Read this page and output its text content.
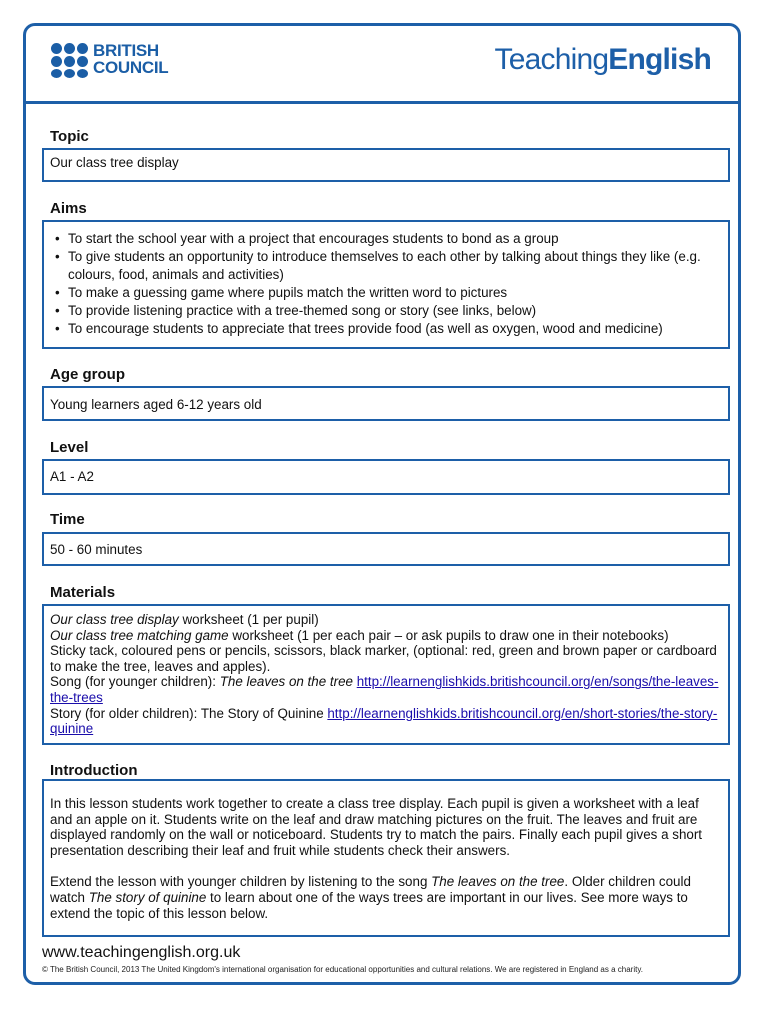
BRITISH
COUNCIL	TeachingEnglish
Topic
Our class tree display
Aims
• To start the school year with a project that encourages students to bond as a group
• To give students an opportunity to introduce themselves to each other by talking about things they like (e.g. colours, food, animals and activities)
• To make a guessing game where pupils match the written word to pictures
• To provide listening practice with a tree-themed song or story (see links, below)
• To encourage students to appreciate that trees provide food (as well as oxygen, wood and medicine)
Age group
Young learners aged 6-12 years old
Level
A1 - A2
Time
50 - 60 minutes
Materials

Our class tree display worksheet (1 per pupil)

Our class tree matching game worksheet (1 per each pair – or ask pupils to draw one in their notebooks)

Sticky tack, coloured pens or pencils, scissors, black marker, (optional: red, green and brown paper or cardboard to make the tree, leaves and apples).

Song (for younger children): The leaves on the tree http://learnenglishkids.britishcouncil.org/en/songs/the-leaves-the-trees

Story (for older children): The Story of Quinine http://learnenglishkids.britishcouncil.org/en/short-stories/the-story-quinine

Introduction

In this lesson students work together to create a class tree display. Each pupil is given a worksheet with a leaf and an apple on it. Students write on the leaf and draw matching pictures on the fruit. The leaves and fruit are displayed randomly on the wall or noticeboard. Students try to match the pairs. Finally each pupil gives a short presentation describing their leaf and fruit while students check their answers.

Extend the lesson with younger children by listening to the song The leaves on the tree. Older children could watch The story of quinine to learn about one of the ways trees are important in our lives. See more ways to extend the topic of this lesson below.

www.teachingenglish.org.uk
© The British Council, 2013 The United Kingdom's international organisation for educational opportunities and cultural relations. We are registered in England as a charity.
